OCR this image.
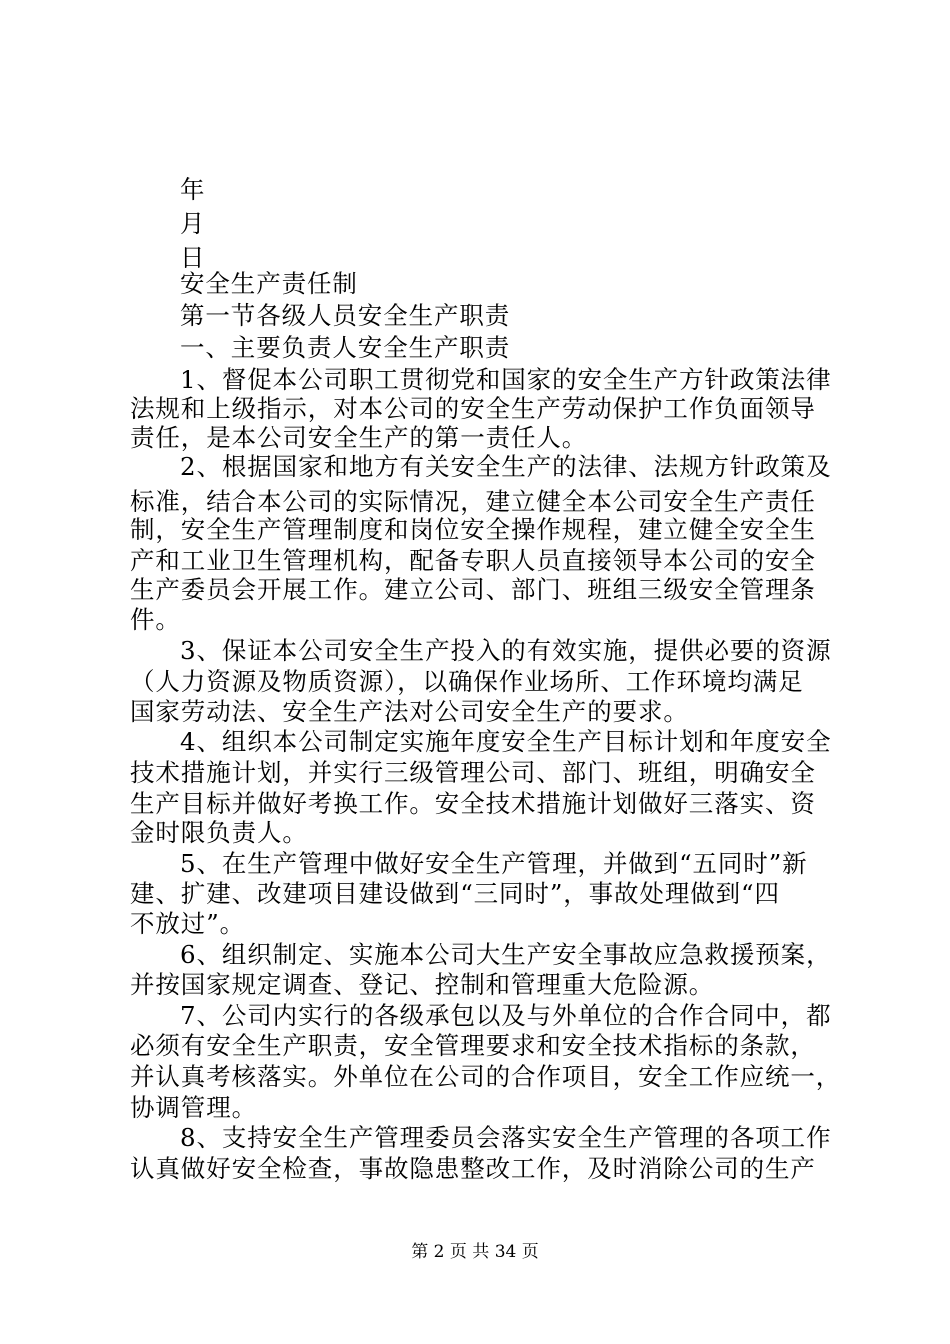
年
月
日
安全生产责任制
第一节各级人员安全生产职责
一、主要负责人安全生产职责
1、督促本公司职工贯彻党和国家的安全生产方针政策法律
法规和上级指示，对本公司的安全生产劳动保护工作负面领导
责任，是本公司安全生产的第一责任人。
2、根据国家和地方有关安全生产的法律、法规方针政策及
标准，结合本公司的实际情况，建立健全本公司安全生产责任
制，安全生产管理制度和岗位安全操作规程，建立健全安全生
产和工业卫生管理机构，配备专职人员直接领导本公司的安全
生产委员会开展工作。建立公司、部门、班组三级安全管理条
件。
3、保证本公司安全生产投入的有效实施，提供必要的资源
（人力资源及物质资源），以确保作业场所、工作环境均满足
国家劳动法、安全生产法对公司安全生产的要求。
4、组织本公司制定实施年度安全生产目标计划和年度安全
技术措施计划，并实行三级管理公司、部门、班组，明确安全
生产目标并做好考换工作。安全技术措施计划做好三落实、资
金时限负责人。
5、在生产管理中做好安全生产管理，并做到“五同时”新
建、扩建、改建项目建设做到“三同时”，事故处理做到“四
不放过”。
6、组织制定、实施本公司大生产安全事故应急救援预案，
并按国家规定调查、登记、控制和管理重大危险源。
7、公司内实行的各级承包以及与外单位的合作合同中，都
必须有安全生产职责，安全管理要求和安全技术指标的条款，
并认真考核落实。外单位在公司的合作项目，安全工作应统一，
协调管理。
8、支持安全生产管理委员会落实安全生产管理的各项工作
认真做好安全检查，事故隐患整改工作，及时消除公司的生产
第 2 页 共 34 页
